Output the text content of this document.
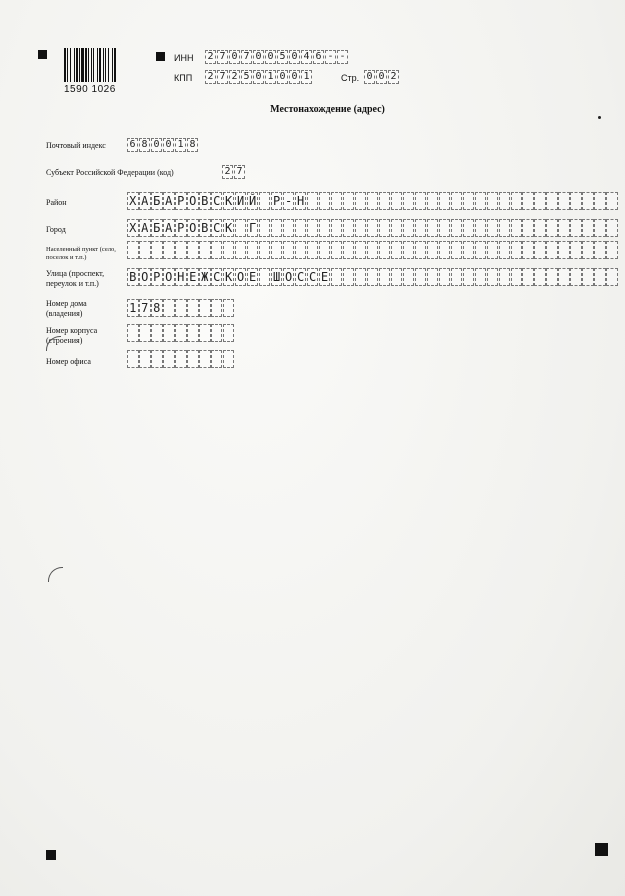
1590 1026
ИНН 2 7 0 7 0 0 5 0 4 6 - -
КПП 2 7 2 5 0 1 0 0 1	Стр. 0 0 2
Местонахождение (адрес)
Почтовый индекс	6 8 0 0 1 8
Субъект Российской Федерации (код)	2 7
Район	Х А Б А Р О В С К И Й Р - Н
Город	Х А Б А Р О В С К Г
Населенный пункт (село, поселок и т.п.)
Улица (проспект, переулок и т.п.)	В О Р О Н Е Ж С К О Е Ш О С С Е
Номер дома (владения)	1 7 8
Номер корпуса (строения)
Номер офиса
